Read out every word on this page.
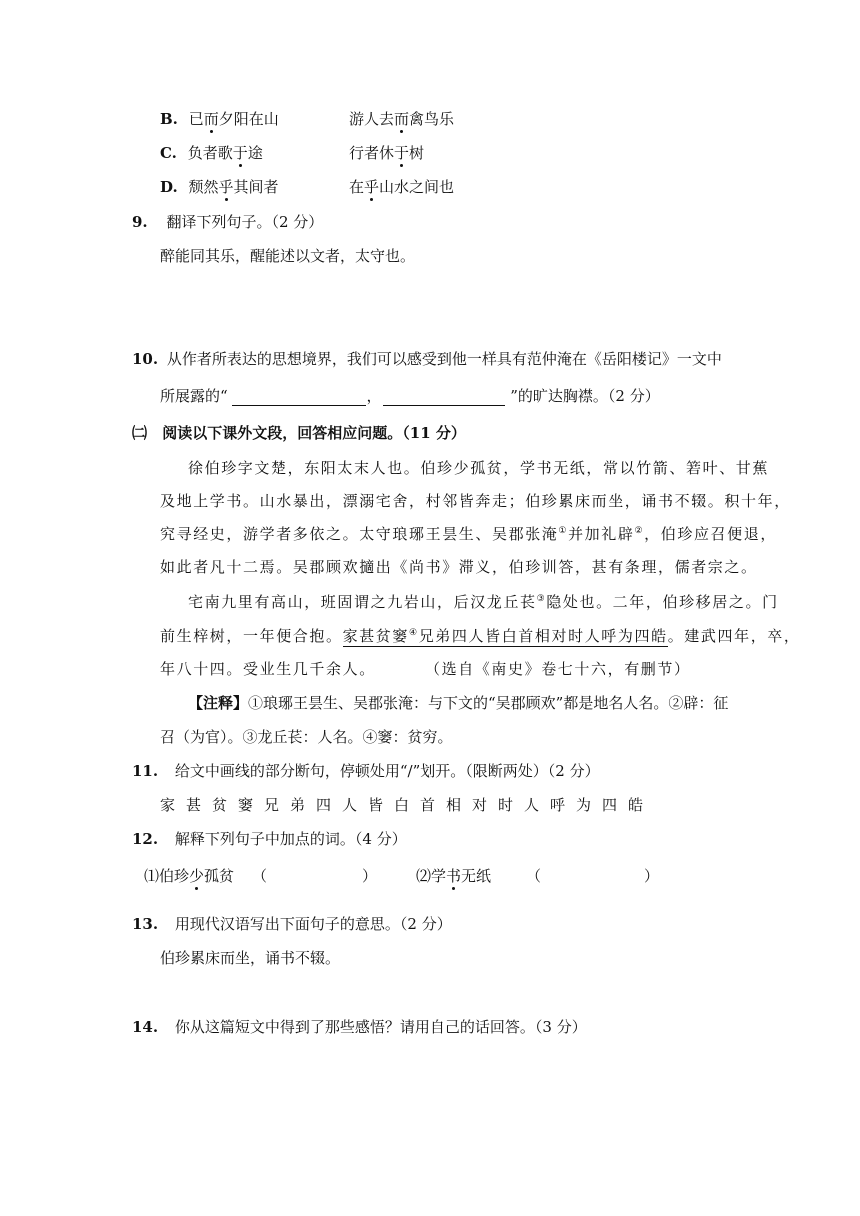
B. 已而夕阳在山	游人去而禽鸟乐
C. 负者歌于途	行者休于树
D. 颓然乎其间者	在乎山水之间也
9. 翻译下列句子。（2 分）
醉能同其乐，醒能述以文者，太守也。
10. 从作者所表达的思想境界，我们可以感受到他一样具有范仲淹在《岳阳楼记》一文中
所展露的“	，	”的旷达胸襟。（2 分）
㈡ 阅读以下课外文段，回答相应问题。（11 分）
徐伯珍字文楚，东阳太末人也。伯珍少孤贫，学书无纸，常以竹箭、箬叶、甘蕉
及地上学书。山水暴出，漂溺宅舍，村邻皆奔走；伯珍累床而坐，诵书不辍。积十年，
究寻经史，游学者多依之。太守琅琊王昙生、吴郡张淹①并加礼辟②，伯珍应召便退，
如此者凡十二焉。吴郡顾欢擿出《尚书》滞义，伯珍训答，甚有条理，儒者宗之。
宅南九里有高山，班固谓之九岩山，后汉龙丘苌③隐处也。二年，伯珍移居之。门
前生梓树，一年便合抱。家甚贫窭④兄弟四人皆白首相对时人呼为四皓。建武四年，卒，
年八十四。受业生几千余人。	（选自《南史》卷七十六，有删节）
【注释】①琅琊王昙生、吴郡张淹：与下文的“吴郡顾欢”都是地名人名。②辟：征
召（为官）。③龙丘苌：人名。④窭：贫穷。
11. 给文中画线的部分断句，停顿处用“/”划开。（限断两处）（2 分）
家甚贫窭兄弟四人皆白首相对时人呼为四皓
12. 解释下列句子中加点的词。（4 分）
⑴伯珍少孤贫 （	）	⑵学书无纸 （	）
13. 用现代汉语写出下面句子的意思。（2 分）
伯珍累床而坐，诵书不辍。
14. 你从这篇短文中得到了那些感悟？请用自己的话回答。（3 分）
